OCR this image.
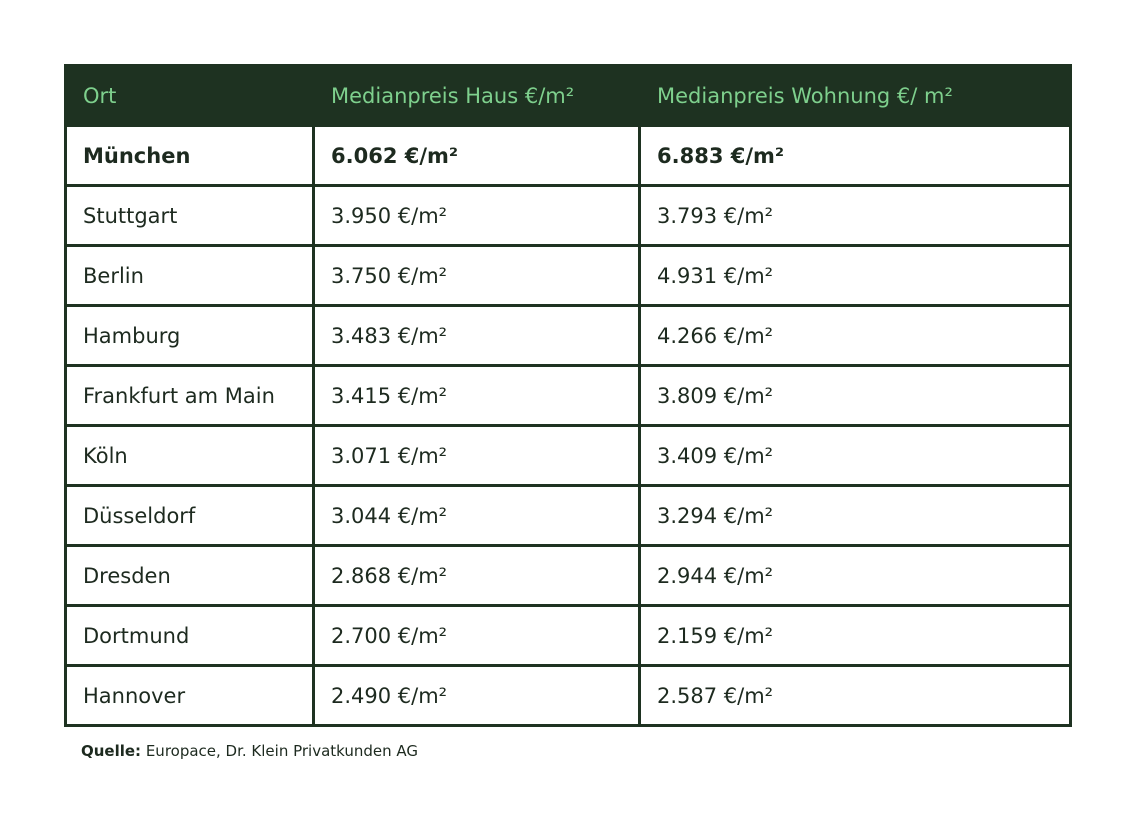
Ort	Medianpreis Haus €/m²	Medianpreis Wohnung €/ m²
München	6.062 €/m²	6.883 €/m²
Stuttgart	3.950 €/m²	3.793 €/m²
Berlin	3.750 €/m²	4.931 €/m²
Hamburg	3.483 €/m²	4.266 €/m²
Frankfurt am Main	3.415 €/m²	3.809 €/m²
Köln	3.071 €/m²	3.409 €/m²
Düsseldorf	3.044 €/m²	3.294 €/m²
Dresden	2.868 €/m²	2.944 €/m²
Dortmund	2.700 €/m²	2.159 €/m²
Hannover	2.490 €/m²	2.587 €/m²
Quelle: Europace, Dr. Klein Privatkunden AG
